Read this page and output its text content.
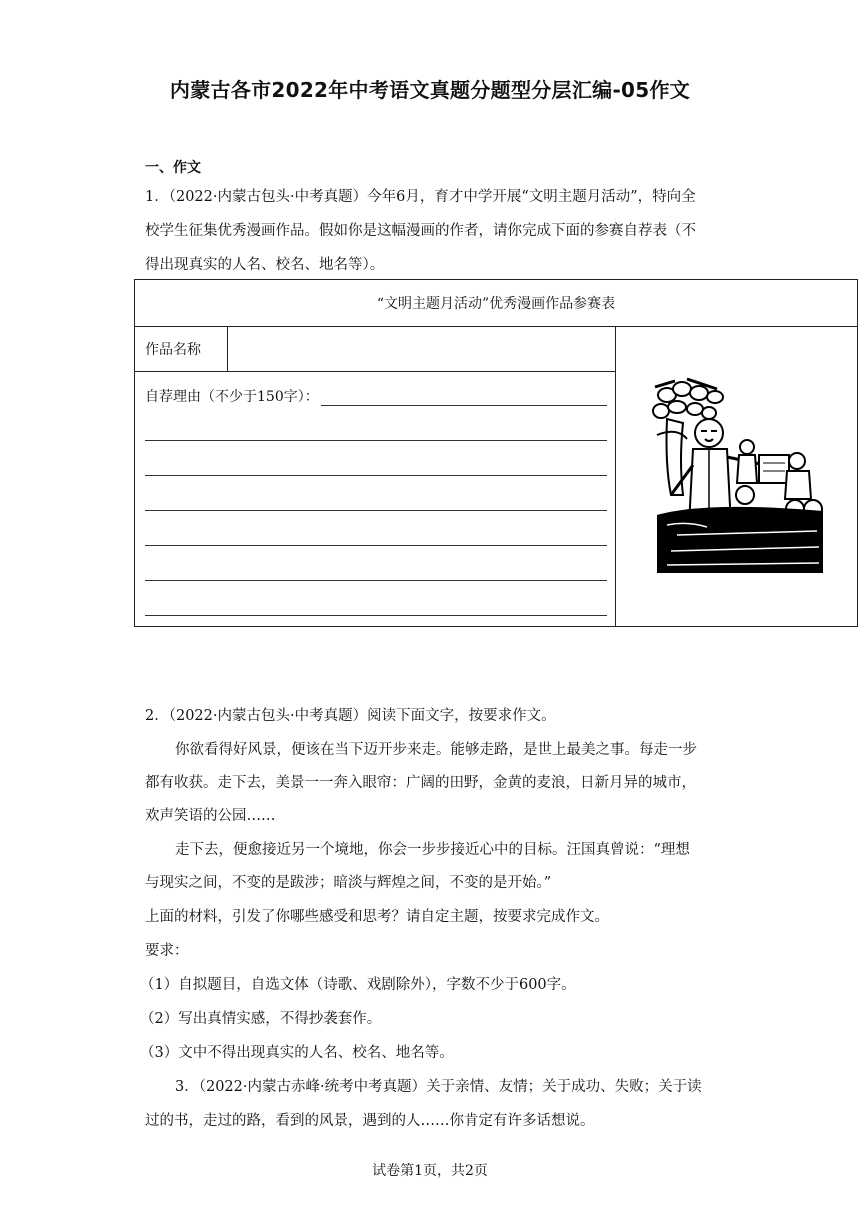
内蒙古各市2022年中考语文真题分题型分层汇编-05作文
一、作文
1．（2022·内蒙古包头·中考真题）今年6月，育才中学开展“文明主题月活动”，特向全
校学生征集优秀漫画作品。假如你是这幅漫画的作者，请你完成下面的参赛自荐表（不
得出现真实的人名、校名、地名等）。
“文明主题月活动”优秀漫画作品参赛表
作品名称		

自荐理由（不少于150字）：
2．（2022·内蒙古包头·中考真题）阅读下面文字，按要求作文。
你欲看得好风景，便该在当下迈开步来走。能够走路，是世上最美之事。每走一步
都有收获。走下去，美景一一奔入眼帘：广阔的田野，金黄的麦浪，日新月异的城市，
欢声笑语的公园……
走下去，便愈接近另一个境地，你会一步步接近心中的目标。汪国真曾说：“理想
与现实之间，不变的是跋涉；暗淡与辉煌之间，不变的是开始。”
上面的材料，引发了你哪些感受和思考？请自定主题，按要求完成作文。
要求：
（1）自拟题目，自选文体（诗歌、戏剧除外），字数不少于600字。
（2）写出真情实感，不得抄袭套作。
（3）文中不得出现真实的人名、校名、地名等。
3．（2022·内蒙古赤峰·统考中考真题）关于亲情、友情；关于成功、失败；关于读
过的书，走过的路，看到的风景，遇到的人……你肯定有许多话想说。
试卷第1页，共2页
